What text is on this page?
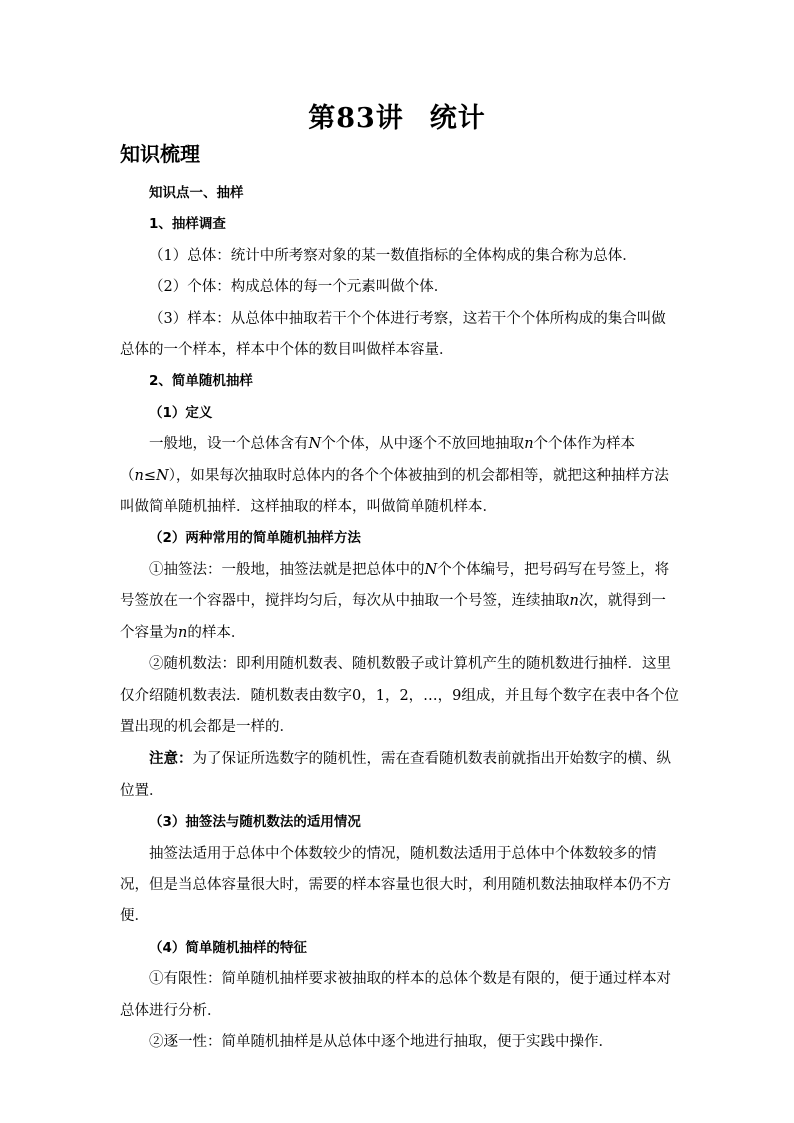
第83讲 统计
知识梳理

知识点一、抽样

1、抽样调查

（1）总体：统计中所考察对象的某一数值指标的全体构成的集合称为总体．

（2）个体：构成总体的每一个元素叫做个体．

（3）样本：从总体中抽取若干个个体进行考察，这若干个个体所构成的集合叫做总体的一个样本，样本中个体的数目叫做样本容量．

2、简单随机抽样

（1）定义

一般地，设一个总体含有N个个体，从中逐个不放回地抽取n个个体作为样本（n≤N），如果每次抽取时总体内的各个个体被抽到的机会都相等，就把这种抽样方法叫做简单随机抽样．这样抽取的样本，叫做简单随机样本．

（2）两种常用的简单随机抽样方法

①抽签法：一般地，抽签法就是把总体中的N个个体编号，把号码写在号签上，将号签放在一个容器中，搅拌均匀后，每次从中抽取一个号签，连续抽取n次，就得到一个容量为n的样本．

②随机数法：即利用随机数表、随机数骰子或计算机产生的随机数进行抽样．这里仅介绍随机数表法．随机数表由数字0，1，2，…，9组成，并且每个数字在表中各个位置出现的机会都是一样的．

注意：为了保证所选数字的随机性，需在查看随机数表前就指出开始数字的横、纵位置．

（3）抽签法与随机数法的适用情况

抽签法适用于总体中个体数较少的情况，随机数法适用于总体中个体数较多的情况，但是当总体容量很大时，需要的样本容量也很大时，利用随机数法抽取样本仍不方便．

（4）简单随机抽样的特征

①有限性：简单随机抽样要求被抽取的样本的总体个数是有限的，便于通过样本对总体进行分析．

②逐一性：简单随机抽样是从总体中逐个地进行抽取，便于实践中操作．
